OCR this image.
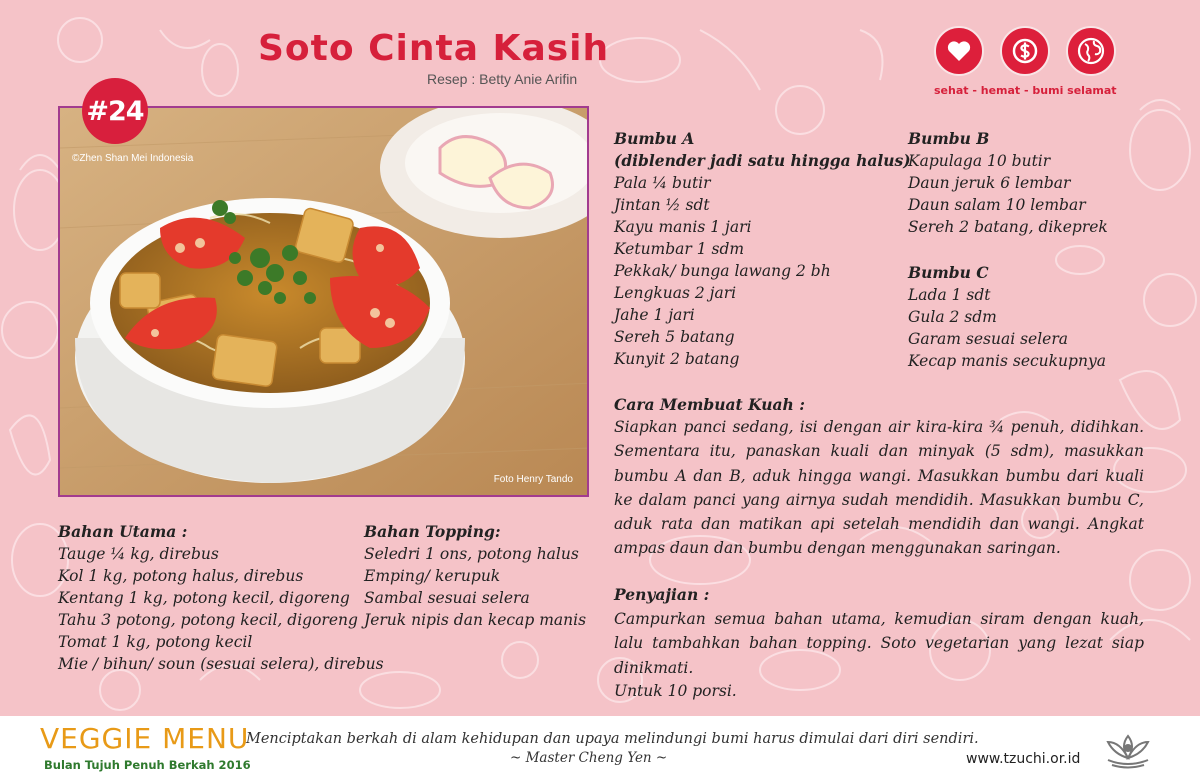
Soto Cinta Kasih
Resep : Betty Anie Arifin
sehat - hemat - bumi selamat
©Zhen Shan Mei Indonesia
Foto Henry Tando
#24
Bumbu A
(diblender jadi satu hingga halus)
Pala ¼ butir
Jintan ½ sdt
Kayu manis 1 jari
Ketumbar 1 sdm
Pekkak/ bunga lawang 2 bh
Lengkuas 2 jari
Jahe 1 jari
Sereh 5 batang
Kunyit 2 batang
Bumbu B
Kapulaga 10 butir
Daun jeruk 6 lembar
Daun salam 10 lembar
Sereh 2 batang, dikeprek
Bumbu C
Lada 1 sdt
Gula 2 sdm
Garam sesuai selera
Kecap manis secukupnya
Cara Membuat Kuah :

Siapkan panci sedang, isi dengan air kira-kira ¾ penuh, didihkan. Sementara itu, panaskan kuali dan minyak (5 sdm), masukkan bumbu A dan B, aduk hingga wangi. Masukkan bumbu dari kuali ke dalam panci yang airnya sudah mendidih. Masukkan bumbu C, aduk rata dan matikan api setelah mendidih dan wangi. Angkat ampas daun dan bumbu dengan menggunakan saringan.

Penyajian :

Campurkan semua bahan utama, kemudian siram dengan kuah, lalu tambahkan bahan topping. Soto vegetarian yang lezat siap dinikmati.

Untuk 10 porsi.
Bahan Utama :
Tauge ¼ kg, direbus
Kol 1 kg, potong halus, direbus
Kentang 1 kg, potong kecil, digoreng
Tahu 3 potong, potong kecil, digoreng
Tomat 1 kg, potong kecil
Mie / bihun/ soun (sesuai selera), direbus
Bahan Topping:
Seledri 1 ons, potong halus
Emping/ kerupuk
Sambal sesuai selera
Jeruk nipis dan kecap manis
VEGGIE MENU
Bulan Tujuh Penuh Berkah 2016
Menciptakan berkah di alam kehidupan dan upaya melindungi bumi harus dimulai dari diri sendiri.
~ Master Cheng Yen ~	www.tzuchi.or.id
